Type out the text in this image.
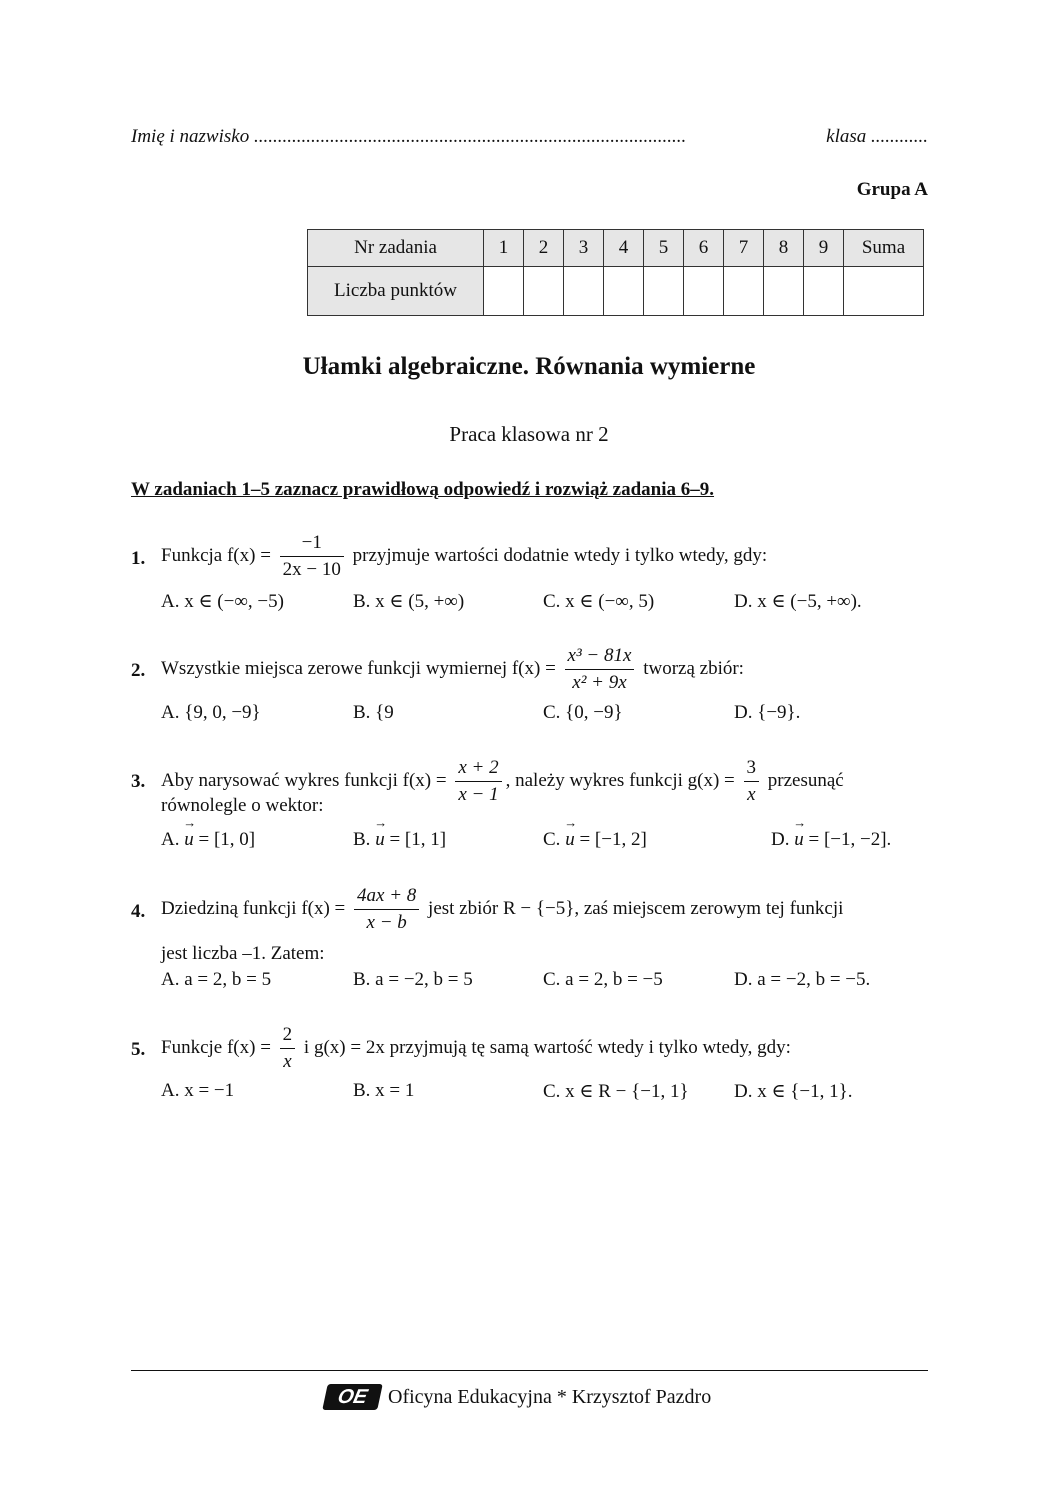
Imię i nazwisko ...........................................................................................	klasa ............
Grupa A
Nr zadania	1	2	3	4	5	6	7	8	9	Suma
Liczba punktów										
Ułamki algebraiczne. Równania wymierne
Praca klasowa nr 2
W zadaniach 1–5 zaznacz prawidłową odpowiedź i rozwiąż zadania 6–9.
1. Funkcja $f(x) = \frac{-1}{2x - 10}$ przyjmuje wartości dodatnie wtedy i tylko wtedy, gdy:
A. x ∈ (−∞, −5)	B. x ∈ (5, +∞)	C. x ∈ (−∞, 5)	D. x ∈ (−5, +∞).
2. Wszystkie miejsca zerowe funkcji wymiernej $f(x) = \frac{\text{x³ − 81x}}{\text{x² + 9x}}$ tworzą zbiór:
A. {9, 0, −9}	B. {9	C. {0, −9}	D. {−9}.
3. Aby narysować wykres funkcji $f(x) = \frac{x + 2}{x - 1}$ , należy wykres funkcji $g(x) = \frac{3}{x}$ przesunąć
równolegle o wektor:
A. → u = [1, 0]	B. → u = [1, 1]	C. → u = [−1, 2]	D. → u = [−1, −2].
4. Dziedziną funkcji $f(x) = \frac{4ax + 8}{x - b}$ jest zbiór R − {−5}, zaś miejscem zerowym tej funkcji
jest liczba –1. Zatem:
A. a = 2, b = 5	B. a = −2, b = 5	C. a = 2, b = −5	D. a = −2, b = −5.
5. Funkcje $f(x) = \frac{2}{x}$ i g(x) = 2x przyjmują tę samą wartość wtedy i tylko wtedy, gdy:
A. x = −1	B. x = 1	C. x ∈ R − {−1, 1} D. x ∈ {−1, 1}.
OE Oficyna Edukacyjna * Krzysztof Pazdro
